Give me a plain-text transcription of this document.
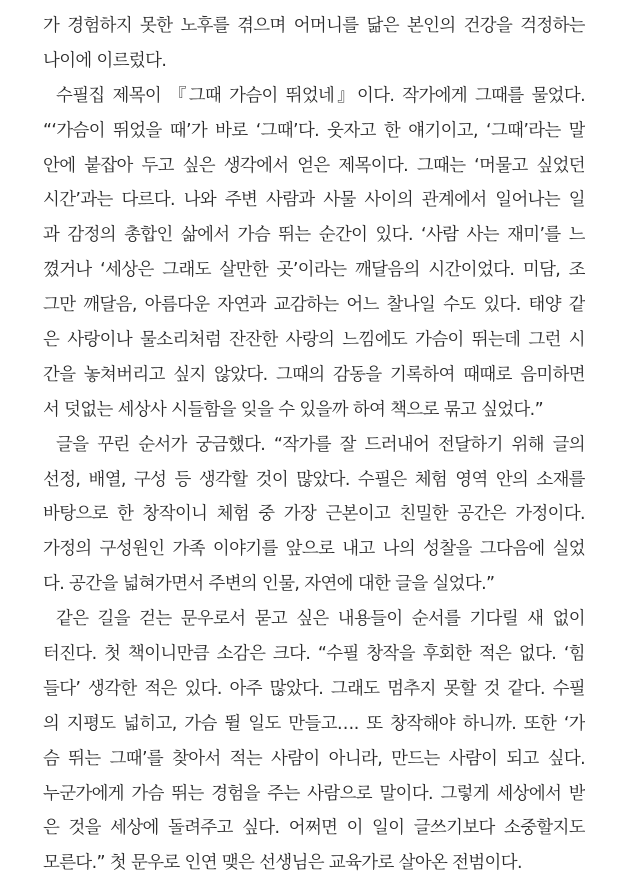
가 경험하지 못한 노후를 겪으며 어머니를 닮은 본인의 건강을 걱정하는
나이에 이르렀다.
수필집 제목이 『그때 가슴이 뛰었네』이다. 작가에게 그때를 물었다.
“‘가슴이 뛰었을 때’가 바로 ‘그때’다. 웃자고 한 얘기이고, ‘그때’라는 말
안에 붙잡아 두고 싶은 생각에서 얻은 제목이다. 그때는 ‘머물고 싶었던
시간’과는 다르다. 나와 주변 사람과 사물 사이의 관계에서 일어나는 일
과 감정의 총합인 삶에서 가슴 뛰는 순간이 있다. ‘사람 사는 재미’를 느
꼈거나 ‘세상은 그래도 살만한 곳’이라는 깨달음의 시간이었다. 미담, 조
그만 깨달음, 아름다운 자연과 교감하는 어느 찰나일 수도 있다. 태양 같
은 사랑이나 물소리처럼 잔잔한 사랑의 느낌에도 가슴이 뛰는데 그런 시
간을 놓쳐버리고 싶지 않았다. 그때의 감동을 기록하여 때때로 음미하면
서 덧없는 세상사 시들함을 잊을 수 있을까 하여 책으로 묶고 싶었다.”
글을 꾸린 순서가 궁금했다. “작가를 잘 드러내어 전달하기 위해 글의
선정, 배열, 구성 등 생각할 것이 많았다. 수필은 체험 영역 안의 소재를
바탕으로 한 창작이니 체험 중 가장 근본이고 친밀한 공간은 가정이다.
가정의 구성원인 가족 이야기를 앞으로 내고 나의 성찰을 그다음에 실었
다. 공간을 넓혀가면서 주변의 인물, 자연에 대한 글을 실었다.”
같은 길을 걷는 문우로서 묻고 싶은 내용들이 순서를 기다릴 새 없이
터진다. 첫 책이니만큼 소감은 크다. “수필 창작을 후회한 적은 없다. ‘힘
들다’ 생각한 적은 있다. 아주 많았다. 그래도 멈추지 못할 것 같다. 수필
의 지평도 넓히고, 가슴 뛸 일도 만들고…. 또 창작해야 하니까. 또한 ‘가
슴 뛰는 그때’를 찾아서 적는 사람이 아니라, 만드는 사람이 되고 싶다.
누군가에게 가슴 뛰는 경험을 주는 사람으로 말이다. 그렇게 세상에서 받
은 것을 세상에 돌려주고 싶다. 어쩌면 이 일이 글쓰기보다 소중할지도
모른다.” 첫 문우로 인연 맺은 선생님은 교육가로 살아온 전범이다.
